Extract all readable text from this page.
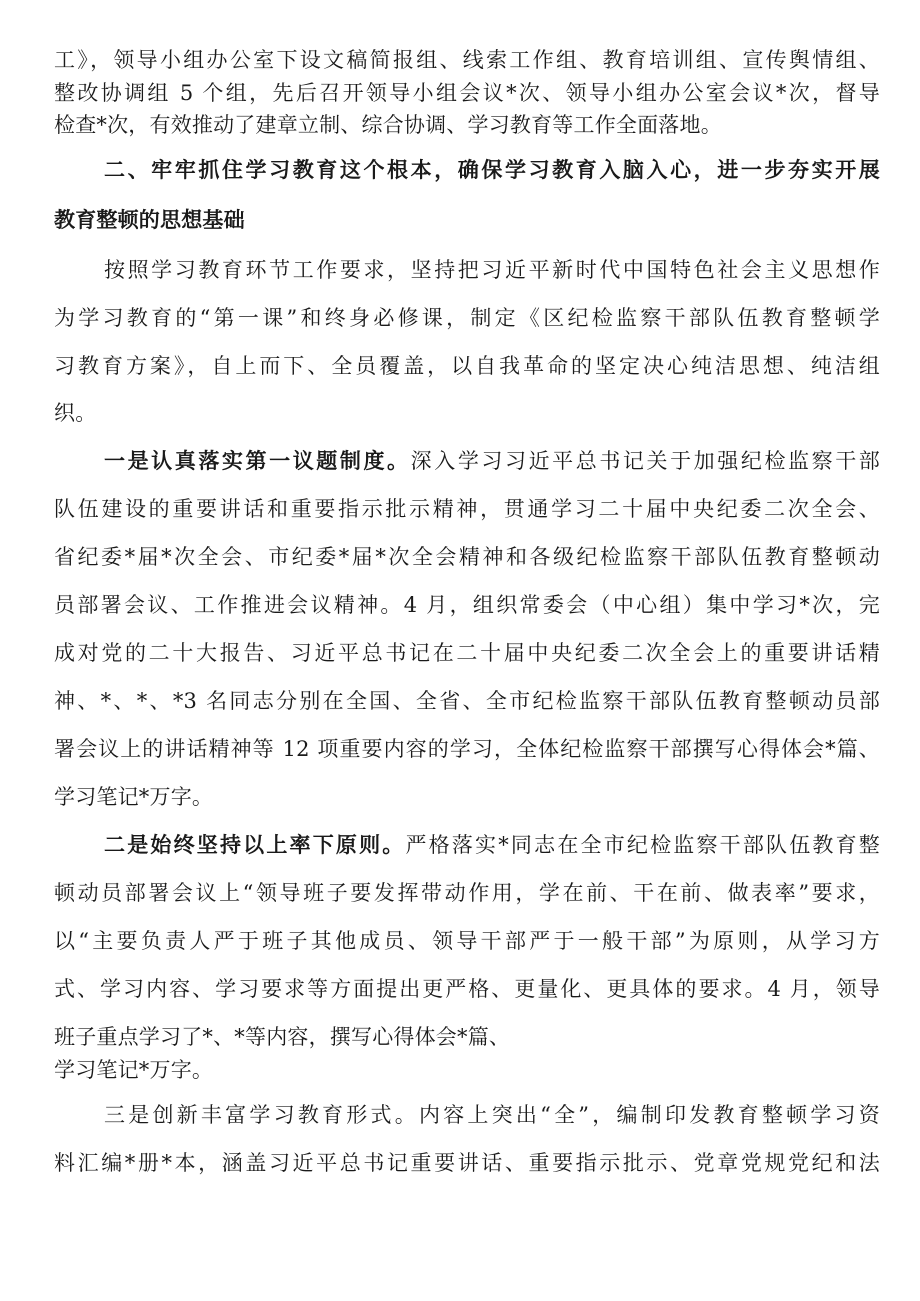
工》，领导小组办公室下设文稿简报组、线索工作组、教育培训组、宣传舆情组、
整改协调组 5 个组，先后召开领导小组会议*次、领导小组办公室会议*次，督导
检查*次，有效推动了建章立制、综合协调、学习教育等工作全面落地。
二、牢牢抓住学习教育这个根本，确保学习教育入脑入心，进一步夯实开展
教育整顿的思想基础
按照学习教育环节工作要求，坚持把习近平新时代中国特色社会主义思想作
为学习教育的“第一课”和终身必修课，制定《区纪检监察干部队伍教育整顿学
习教育方案》，自上而下、全员覆盖，以自我革命的坚定决心纯洁思想、纯洁组
织。
一是认真落实第一议题制度。深入学习习近平总书记关于加强纪检监察干部
队伍建设的重要讲话和重要指示批示精神，贯通学习二十届中央纪委二次全会、
省纪委*届*次全会、市纪委*届*次全会精神和各级纪检监察干部队伍教育整顿动
员部署会议、工作推进会议精神。4 月，组织常委会（中心组）集中学习*次，完
成对党的二十大报告、习近平总书记在二十届中央纪委二次全会上的重要讲话精
神、*、*、*3 名同志分别在全国、全省、全市纪检监察干部队伍教育整顿动员部
署会议上的讲话精神等 12 项重要内容的学习，全体纪检监察干部撰写心得体会*篇、
学习笔记*万字。
二是始终坚持以上率下原则。严格落实*同志在全市纪检监察干部队伍教育整
顿动员部署会议上“领导班子要发挥带动作用，学在前、干在前、做表率”要求，
以“主要负责人严于班子其他成员、领导干部严于一般干部”为原则，从学习方
式、学习内容、学习要求等方面提出更严格、更量化、更具体的要求。4 月，领导
班子重点学习了*、*等内容，撰写心得体会*篇、
学习笔记*万字。
三是创新丰富学习教育形式。内容上突出“全”，编制印发教育整顿学习资
料汇编*册*本，涵盖习近平总书记重要讲话、重要指示批示、党章党规党纪和法
